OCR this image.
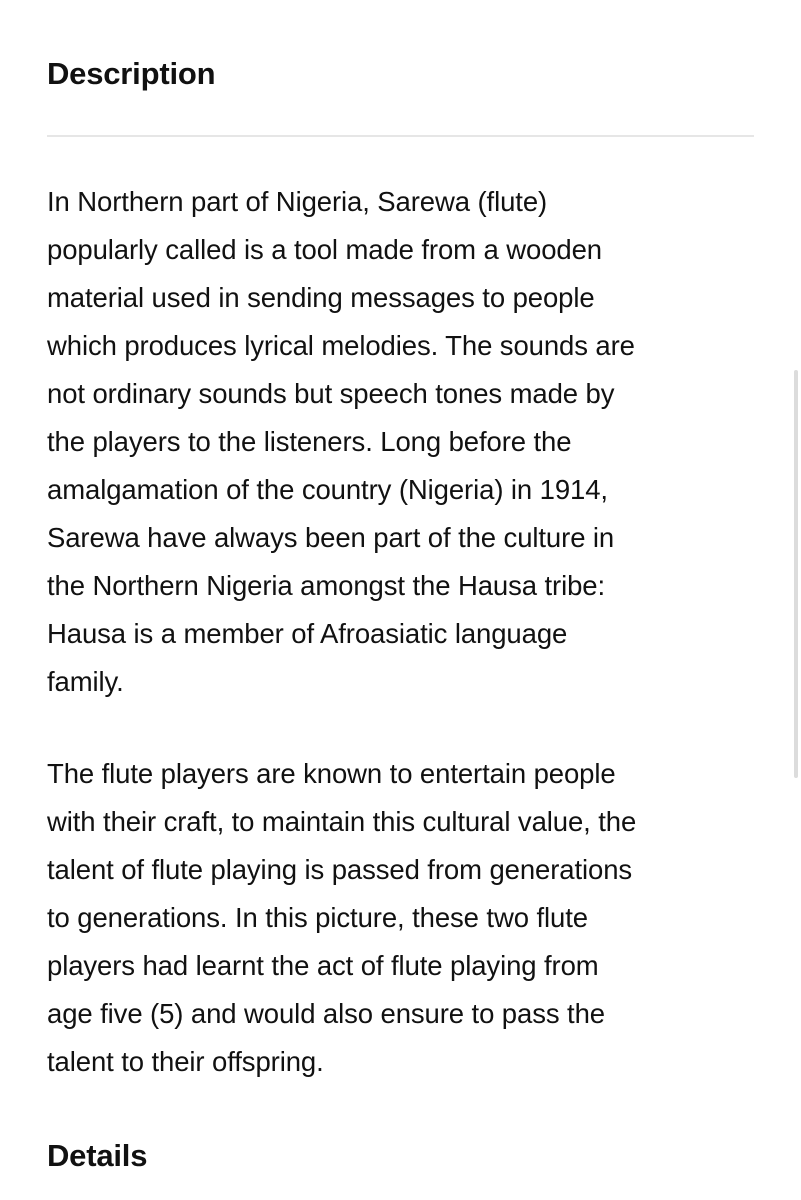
Description

In Northern part of Nigeria, Sarewa (flute)
popularly called is a tool made from a wooden
material used in sending messages to people
which produces lyrical melodies. The sounds are
not ordinary sounds but speech tones made by
the players to the listeners. Long before the
amalgamation of the country (Nigeria) in 1914,
Sarewa have always been part of the culture in
the Northern Nigeria amongst the Hausa tribe:
Hausa is a member of Afroasiatic language
family.

The flute players are known to entertain people
with their craft, to maintain this cultural value, the
talent of flute playing is passed from generations
to generations. In this picture, these two flute
players had learnt the act of flute playing from
age five (5) and would also ensure to pass the
talent to their offspring.

Details
